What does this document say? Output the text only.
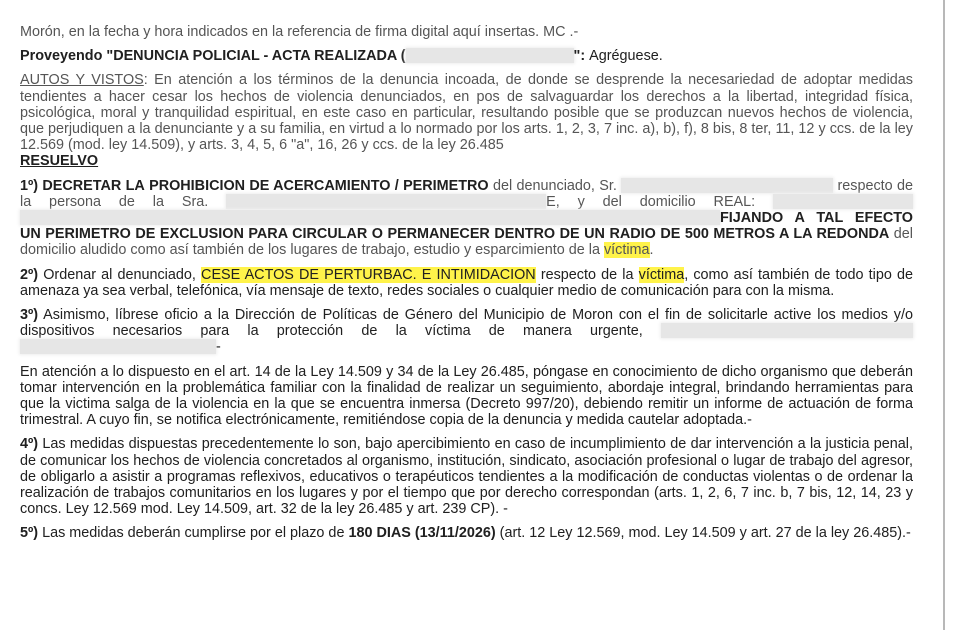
Morón, en la fecha y hora indicados en la referencia de firma digital aquí insertas. MC .-

Proveyendo "DENUNCIA POLICIAL - ACTA REALIZADA (	": Agréguese.

AUTOS Y VISTOS: En atención a los términos de la denuncia incoada, de donde se desprende la necesariedad de adoptar medidas tendientes a hacer cesar los hechos de violencia denunciados, en pos de salvaguardar los derechos a la libertad, integridad física, psicológica, moral y tranquilidad espiritual, en este caso en particular, resultando posible que se produzcan nuevos hechos de violencia, que perjudiquen a la denunciante y a su familia, en virtud a lo normado por los arts. 1, 2, 3, 7 inc. a), b), f), 8 bis, 8 ter, 11, 12 y ccs. de la ley 12.569 (mod. ley 14.509), y arts. 3, 4, 5, 6 "a", 16, 26 y ccs. de la ley 26.485
RESUELVO

1º) DECRETAR LA PROHIBICION DE ACERCAMIENTO / PERIMETRO del denunciado, Sr.	respecto de la persona de la Sra.	E, y del domicilio REAL:  FIJANDO A TAL EFECTO UN PERIMETRO DE EXCLUSION PARA CIRCULAR O PERMANECER DENTRO DE UN RADIO DE 500 METROS A LA REDONDA del domicilio aludido como así también de los lugares de trabajo, estudio y esparcimiento de la víctima.

2º) Ordenar al denunciado, CESE ACTOS DE PERTURBAC. E INTIMIDACION respecto de la víctima, como así también de todo tipo de amenaza ya sea verbal, telefónica, vía mensaje de texto, redes sociales o cualquier medio de comunicación para con la misma.

3º) Asimismo, líbrese oficio a la Dirección de Políticas de Género del Municipio de Moron con el fin de solicitarle active los medios y/o dispositivos necesarios para la protección de la víctima de manera urgente,  -

En atención a lo dispuesto en el art. 14 de la Ley 14.509 y 34 de la Ley 26.485, póngase en conocimiento de dicho organismo que deberán tomar intervención en la problemática familiar con la finalidad de realizar un seguimiento, abordaje integral, brindando herramientas para que la victima salga de la violencia en la que se encuentra inmersa (Decreto 997/20), debiendo remitir un informe de actuación de forma trimestral. A cuyo fin, se notifica electrónicamente, remitiéndose copia de la denuncia y medida cautelar adoptada.-

4º) Las medidas dispuestas precedentemente lo son, bajo apercibimiento en caso de incumplimiento de dar intervención a la justicia penal, de comunicar los hechos de violencia concretados al organismo, institución, sindicato, asociación profesional o lugar de trabajo del agresor, de obligarlo a asistir a programas reflexivos, educativos o terapéuticos tendientes a la modificación de conductas violentas o de ordenar la realización de trabajos comunitarios en los lugares y por el tiempo que por derecho correspondan (arts. 1, 2, 6, 7 inc. b, 7 bis, 12, 14, 23 y concs. Ley 12.569 mod. Ley 14.509, art. 32 de la ley 26.485 y art. 239 CP). -

5º) Las medidas deberán cumplirse por el plazo de 180 DIAS (13/11/2026) (art. 12 Ley 12.569, mod. Ley 14.509 y art. 27 de la ley 26.485).-
